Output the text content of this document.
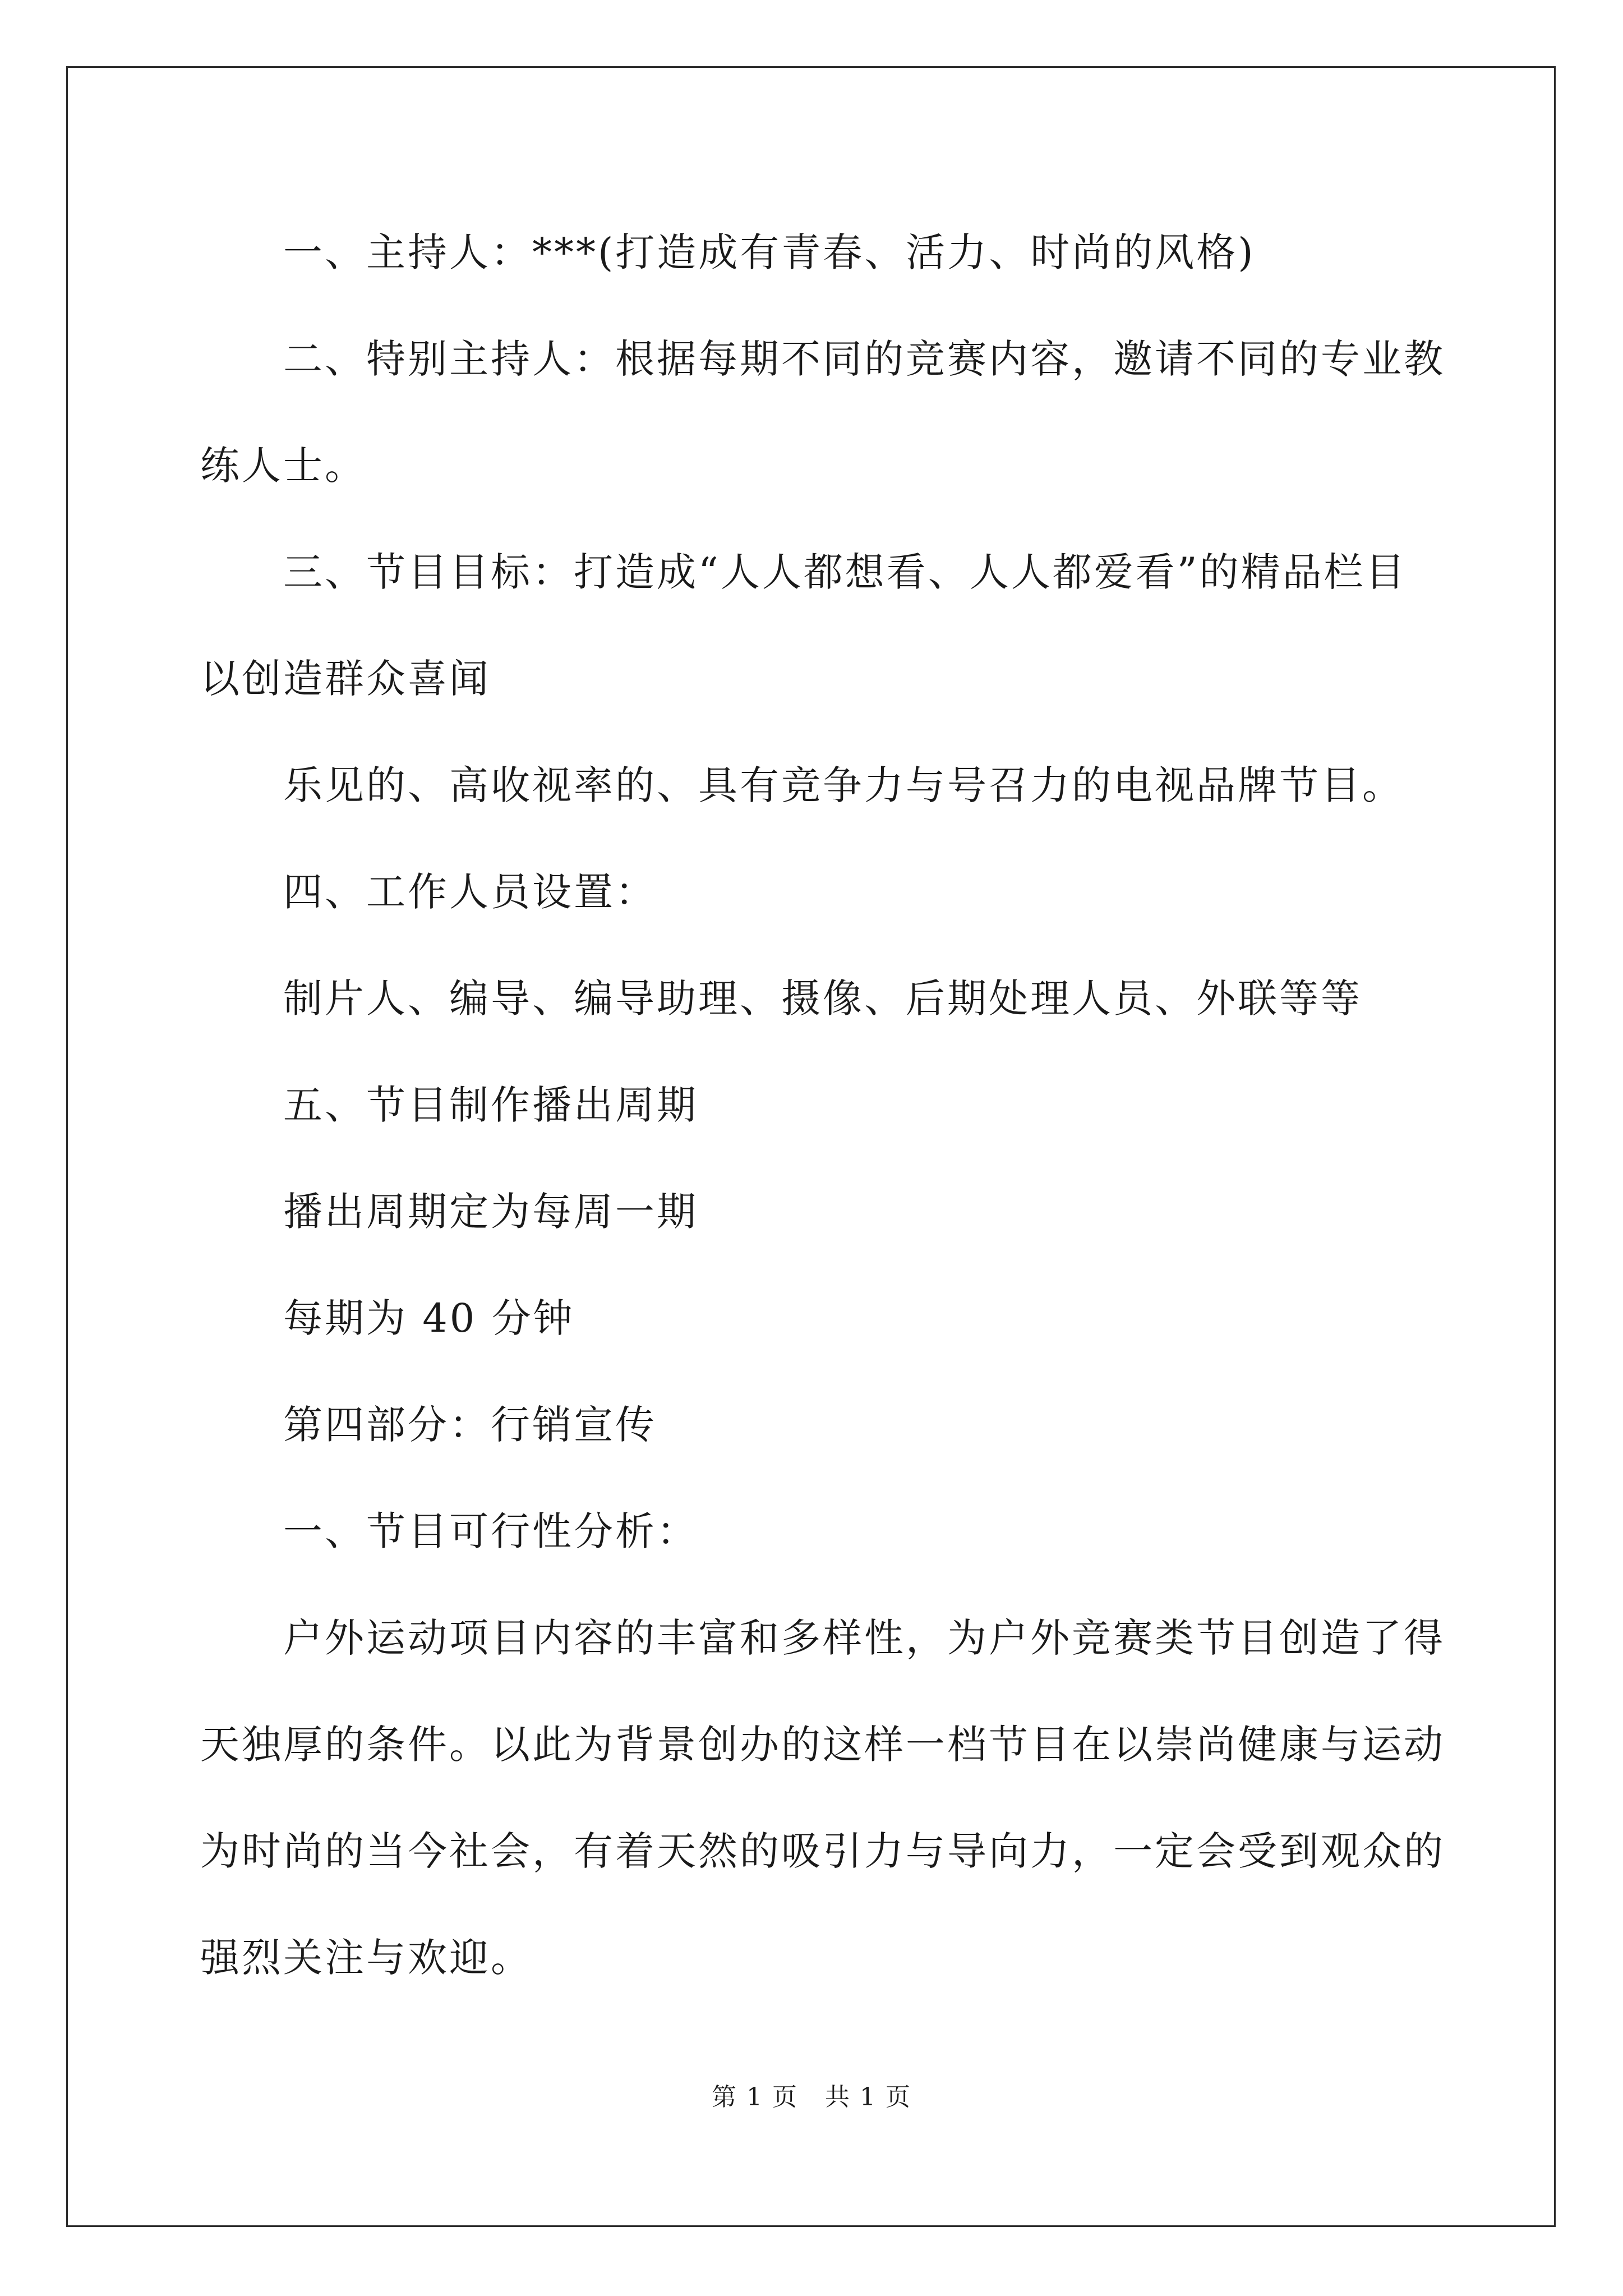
一、主持人：***(打造成有青春、活力、时尚的风格)
二、特别主持人：根据每期不同的竞赛内容，邀请不同的专业教
练人士。
三、节目目标：打造成“人人都想看、人人都爱看”的精品栏目
以创造群众喜闻
乐见的、高收视率的、具有竞争力与号召力的电视品牌节目。
四、工作人员设置：
制片人、编导、编导助理、摄像、后期处理人员、外联等等
五、节目制作播出周期
播出周期定为每周一期
每期为 40 分钟
第四部分：行销宣传
一、节目可行性分析：
户外运动项目内容的丰富和多样性，为户外竞赛类节目创造了得
天独厚的条件。以此为背景创办的这样一档节目在以崇尚健康与运动
为时尚的当今社会，有着天然的吸引力与导向力，一定会受到观众的
强烈关注与欢迎。
第 1 页   共 1 页
